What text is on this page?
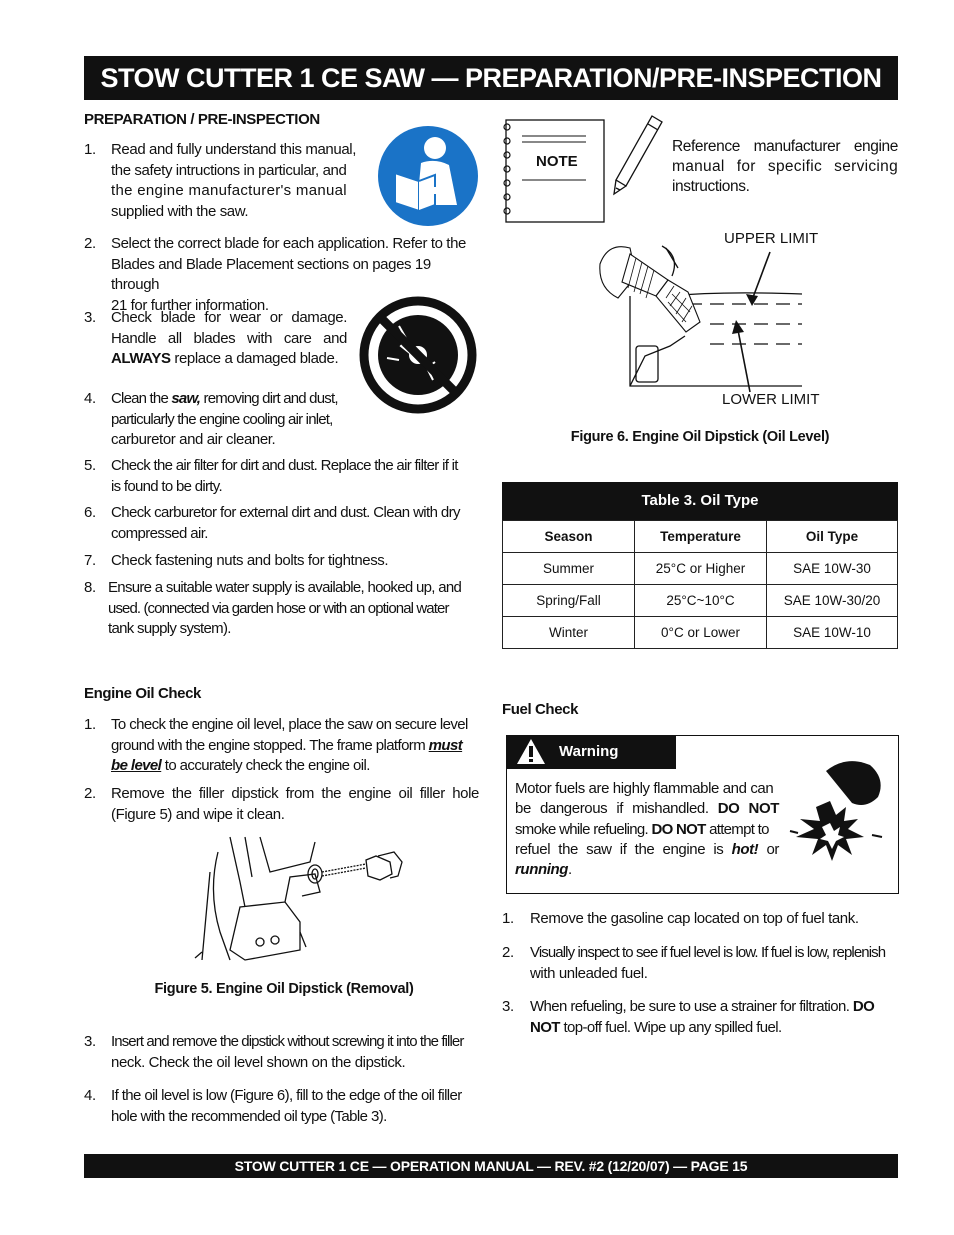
STOW CUTTER 1 CE SAW — PREPARATION/PRE-INSPECTION
PREPARATION / PRE-INSPECTION
1. Read and fully understand this manual,
the safety intructions in particular, and
the engine manufacturer's manual
supplied with the saw.
2. Select the correct blade for each application. Refer to the
Blades and Blade Placement sections on pages 19 through
21 for further information.
3. Check blade for wear or damage.
Handle all blades with care and
ALWAYS replace a damaged blade.
4. Clean the saw, removing dirt and dust,
particularly the engine cooling air inlet,
carburetor and air cleaner.
5. Check the air filter for dirt and dust. Replace the air filter if it
is found to be dirty.
6. Check carburetor for external dirt and dust. Clean with dry
compressed air.
7. Check fastening nuts and bolts for tightness.
8. Ensure a suitable water supply is available, hooked up, and
used. (connected via garden hose or with an optional water
tank supply system).
Engine Oil Check
1. To check the engine oil level, place the saw on secure level
ground with the engine stopped. The frame platform must
be level to accurately check the engine oil.
2. Remove the filler dipstick from the engine oil filler hole
(Figure 5) and wipe it clean.
Figure 5. Engine Oil Dipstick (Removal)
3. Insert and remove the dipstick without screwing it into the filler
neck. Check the oil level shown on the dipstick.
4. If the oil level is low (Figure 6), fill to the edge of the oil filler
hole with the recommended oil type (Table 3).
NOTE
Reference manufacturer engine
manual for specific servicing
instructions.
UPPER LIMIT
LOWER LIMIT
Figure 6. Engine Oil Dipstick (Oil Level)
Table 3. Oil Type
Season	Temperature	Oil Type
Summer	25°C or Higher	SAE 10W-30
Spring/Fall	25°C~10°C	SAE 10W-30/20
Winter	0°C or Lower	SAE 10W-10
Fuel Check
Warning
Motor fuels are highly flammable and can
be dangerous if mishandled. DO NOT
smoke while refueling. DO NOT attempt to
refuel the saw if the engine is hot! or
running.
×
1. Remove the gasoline cap located on top of fuel tank.
2. Visually inspect to see if fuel level is low. If fuel is low, replenish
with unleaded fuel.
3. When refueling, be sure to use a strainer for filtration. DO
NOT top-off fuel. Wipe up any spilled fuel.
STOW CUTTER 1 CE — OPERATION MANUAL — REV. #2 (12/20/07) — PAGE 15
